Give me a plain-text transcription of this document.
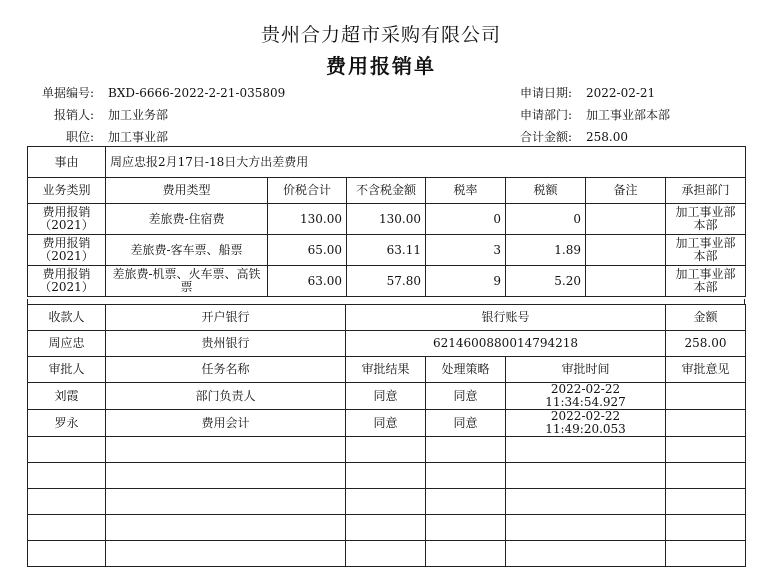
贵州合力超市采购有限公司
费用报销单
单据编号: BXD-6666-2022-2-21-035809
报销人: 加工业务部
职位: 加工事业部
申请日期: 2022-02-21
申请部门: 加工事业部本部
合计金额: 258.00
事由	周应忠报2月17日-18日大方出差费用						
业务类别	费用类型	价税合计	不含税金额	税率	税额	备注	承担部门
费用报销（2021）	差旅费-住宿费	130.00	130.00	0	0		加工事业部本部
费用报销（2021）	差旅费-客车票、船票	65.00	63.11	3	1.89		加工事业部本部
费用报销（2021）	差旅费-机票、火车票、高铁票	63.00	57.80	9	5.20		加工事业部本部
收款人	开户银行	银行账号			金额
周应忠	贵州银行	6214600880014794218			258.00
审批人	任务名称	审批结果	处理策略	审批时间	审批意见
刘霞	部门负责人	同意	同意	2022-02-22 11:34:54.927	
罗永	费用会计	同意	同意	2022-02-22 11:49:20.053	
